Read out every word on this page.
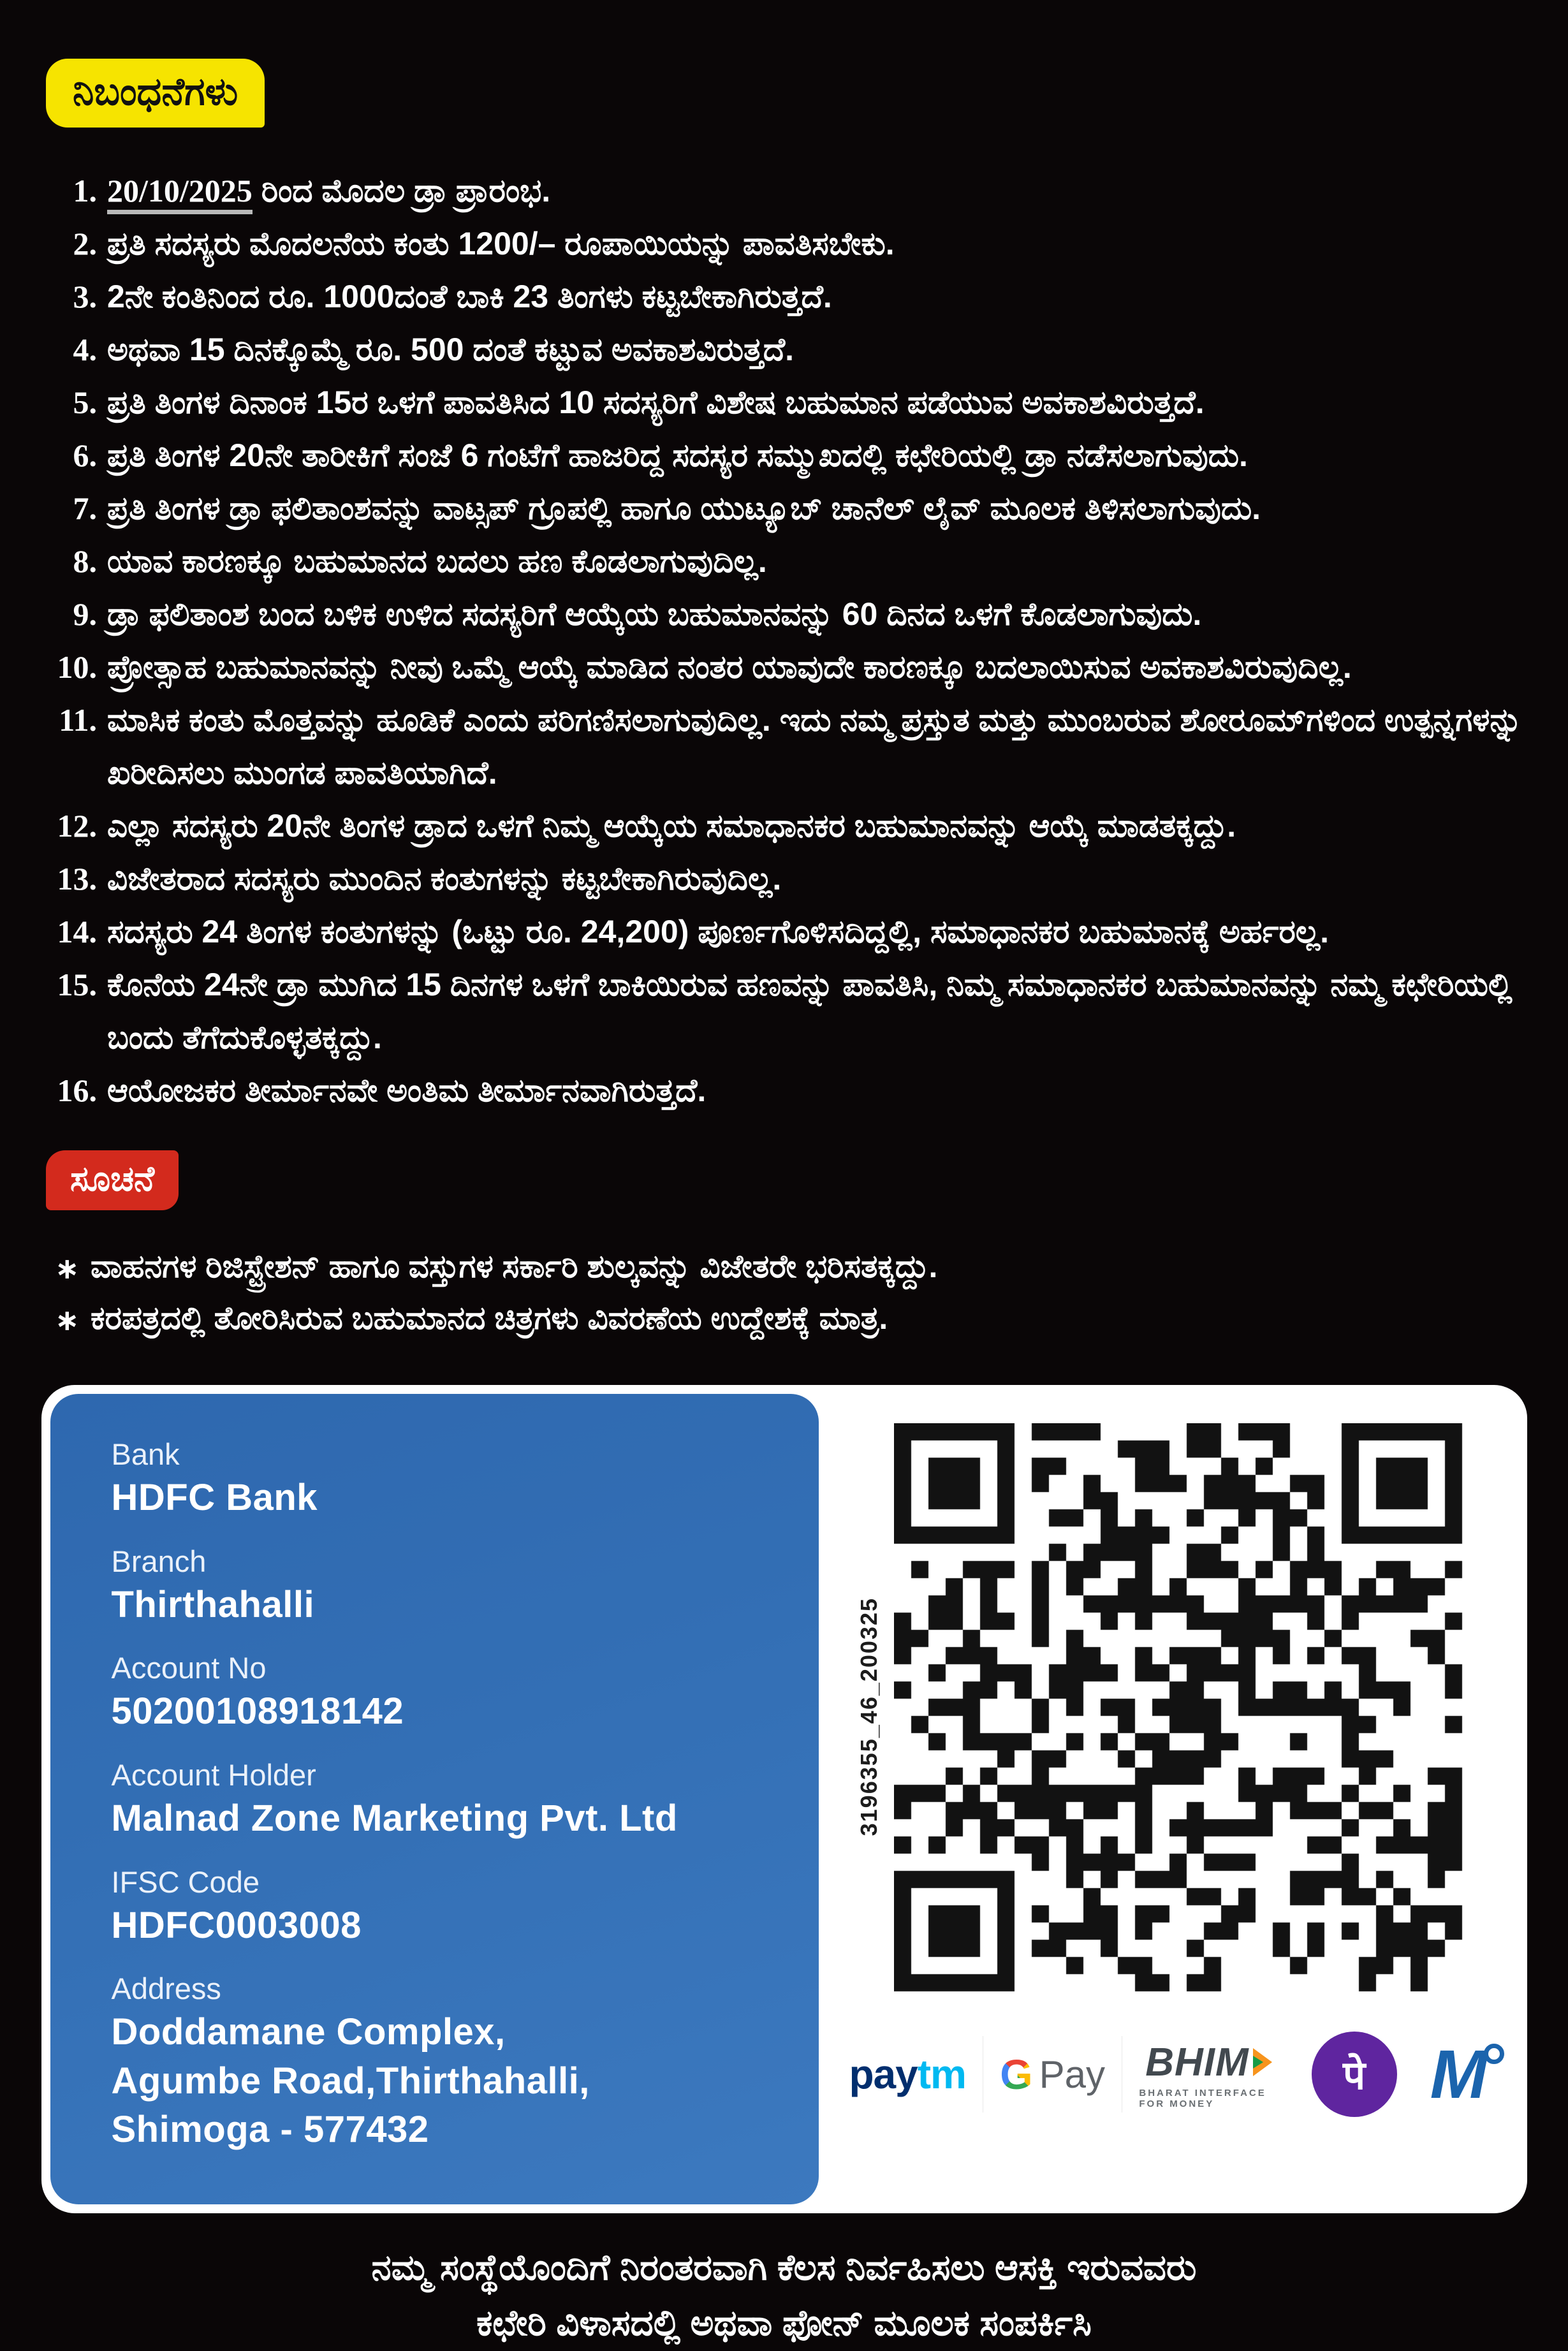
ನಿಬಂಧನೆಗಳು
1. 20/10/2025 ರಿಂದ ಮೊದಲ ಡ್ರಾ ಪ್ರಾರಂಭ.
2. ಪ್ರತಿ ಸದಸ್ಯರು ಮೊದಲನೆಯ ಕಂತು 1200/– ರೂಪಾಯಿಯನ್ನು ಪಾವತಿಸಬೇಕು.
3. 2ನೇ ಕಂತಿನಿಂದ ರೂ. 1000ದಂತೆ ಬಾಕಿ 23 ತಿಂಗಳು ಕಟ್ಟಬೇಕಾಗಿರುತ್ತದೆ.
4. ಅಥವಾ 15 ದಿನಕ್ಕೊಮ್ಮೆ ರೂ. 500 ದಂತೆ ಕಟ್ಟುವ ಅವಕಾಶವಿರುತ್ತದೆ.
5. ಪ್ರತಿ ತಿಂಗಳ ದಿನಾಂಕ 15ರ ಒಳಗೆ ಪಾವತಿಸಿದ 10 ಸದಸ್ಯರಿಗೆ ವಿಶೇಷ ಬಹುಮಾನ ಪಡೆಯುವ ಅವಕಾಶವಿರುತ್ತದೆ.
6. ಪ್ರತಿ ತಿಂಗಳ 20ನೇ ತಾರೀಕಿಗೆ ಸಂಜೆ 6 ಗಂಟೆಗೆ ಹಾಜರಿದ್ದ ಸದಸ್ಯರ ಸಮ್ಮುಖದಲ್ಲಿ ಕಛೇರಿಯಲ್ಲಿ ಡ್ರಾ ನಡೆಸಲಾಗುವುದು.
7. ಪ್ರತಿ ತಿಂಗಳ ಡ್ರಾ ಫಲಿತಾಂಶವನ್ನು ವಾಟ್ಸಪ್ ಗ್ರೂಪಲ್ಲಿ ಹಾಗೂ ಯುಟ್ಯೂಬ್ ಚಾನೆಲ್ ಲೈವ್ ಮೂಲಕ ತಿಳಿಸಲಾಗುವುದು.
8. ಯಾವ ಕಾರಣಕ್ಕೂ ಬಹುಮಾನದ ಬದಲು ಹಣ ಕೊಡಲಾಗುವುದಿಲ್ಲ.
9. ಡ್ರಾ ಫಲಿತಾಂಶ ಬಂದ ಬಳಿಕ ಉಳಿದ ಸದಸ್ಯರಿಗೆ ಆಯ್ಕೆಯ ಬಹುಮಾನವನ್ನು 60 ದಿನದ ಒಳಗೆ ಕೊಡಲಾಗುವುದು.
10. ಪ್ರೋತ್ಸಾಹ ಬಹುಮಾನವನ್ನು ನೀವು ಒಮ್ಮೆ ಆಯ್ಕೆ ಮಾಡಿದ ನಂತರ ಯಾವುದೇ ಕಾರಣಕ್ಕೂ ಬದಲಾಯಿಸುವ ಅವಕಾಶವಿರುವುದಿಲ್ಲ.
11. ಮಾಸಿಕ ಕಂತು ಮೊತ್ತವನ್ನು ಹೂಡಿಕೆ ಎಂದು ಪರಿಗಣಿಸಲಾಗುವುದಿಲ್ಲ. ಇದು ನಮ್ಮ ಪ್ರಸ್ತುತ ಮತ್ತು ಮುಂಬರುವ ಶೋರೂಮ್‌ಗಳಿಂದ ಉತ್ಪನ್ನಗಳನ್ನು ಖರೀದಿಸಲು ಮುಂಗಡ ಪಾವತಿಯಾಗಿದೆ.
12. ಎಲ್ಲಾ ಸದಸ್ಯರು 20ನೇ ತಿಂಗಳ ಡ್ರಾದ ಒಳಗೆ ನಿಮ್ಮ ಆಯ್ಕೆಯ ಸಮಾಧಾನಕರ ಬಹುಮಾನವನ್ನು ಆಯ್ಕೆ ಮಾಡತಕ್ಕದ್ದು.
13. ವಿಜೇತರಾದ ಸದಸ್ಯರು ಮುಂದಿನ ಕಂತುಗಳನ್ನು ಕಟ್ಟಬೇಕಾಗಿರುವುದಿಲ್ಲ.
14. ಸದಸ್ಯರು 24 ತಿಂಗಳ ಕಂತುಗಳನ್ನು (ಒಟ್ಟು ರೂ. 24,200) ಪೂರ್ಣಗೊಳಿಸದಿದ್ದಲ್ಲಿ, ಸಮಾಧಾನಕರ ಬಹುಮಾನಕ್ಕೆ ಅರ್ಹರಲ್ಲ.
15. ಕೊನೆಯ 24ನೇ ಡ್ರಾ ಮುಗಿದ 15 ದಿನಗಳ ಒಳಗೆ ಬಾಕಿಯಿರುವ ಹಣವನ್ನು ಪಾವತಿಸಿ, ನಿಮ್ಮ ಸಮಾಧಾನಕರ ಬಹುಮಾನವನ್ನು ನಮ್ಮ ಕಛೇರಿಯಲ್ಲಿ ಬಂದು ತೆಗೆದುಕೊಳ್ಳತಕ್ಕದ್ದು.
16. ಆಯೋಜಕರ ತೀರ್ಮಾನವೇ ಅಂತಿಮ ತೀರ್ಮಾನವಾಗಿರುತ್ತದೆ.
ಸೂಚನೆ
∗ ವಾಹನಗಳ ರಿಜಿಸ್ಟ್ರೇಶನ್ ಹಾಗೂ ವಸ್ತುಗಳ ಸರ್ಕಾರಿ ಶುಲ್ಕವನ್ನು ವಿಜೇತರೇ ಭರಿಸತಕ್ಕದ್ದು.
∗ ಕರಪತ್ರದಲ್ಲಿ ತೋರಿಸಿರುವ ಬಹುಮಾನದ ಚಿತ್ರಗಳು ವಿವರಣೆಯ ಉದ್ದೇಶಕ್ಕೆ ಮಾತ್ರ.
Bank
HDFC Bank
Branch
Thirthahalli
Account No
50200108918142
Account Holder
Malnad Zone Marketing Pvt. Ltd
IFSC Code
HDFC0003008
Address
Doddamane Complex,
Agumbe Road,Thirthahalli,
Shimoga - 577432
3196355_46_200325
pay tm G Pay BHIM
BHARAT INTERFACE FOR MONEY
पे M
ನಮ್ಮ ಸಂಸ್ಥೆಯೊಂದಿಗೆ ನಿರಂತರವಾಗಿ ಕೆಲಸ ನಿರ್ವಹಿಸಲು ಆಸಕ್ತಿ ಇರುವವರು
ಕಛೇರಿ ವಿಳಾಸದಲ್ಲಿ ಅಥವಾ ಫೋನ್ ಮೂಲಕ ಸಂಪರ್ಕಿಸಿ
